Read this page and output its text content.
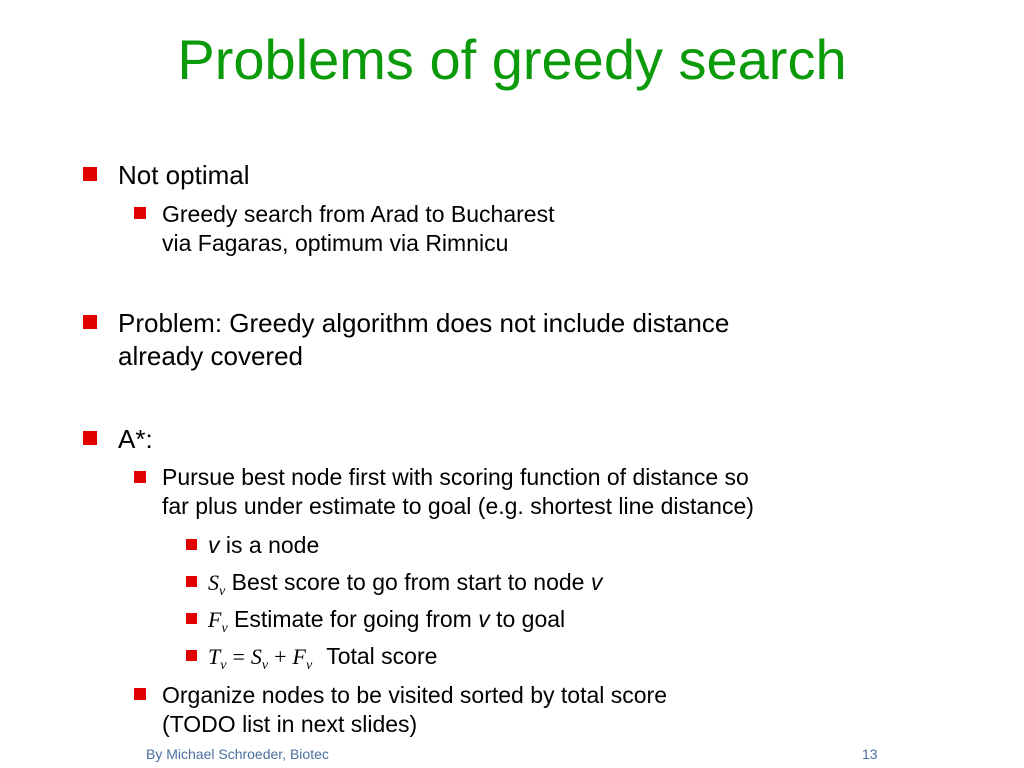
Problems of greedy search
Not optimal
Greedy search from Arad to Bucharest
via Fagaras, optimum via Rimnicu
Problem: Greedy algorithm does not include distance
already covered
A*:
Pursue best node first with scoring function of distance so
far plus under estimate to goal (e.g. shortest line distance)
v is a node
$S_v$ Best score to go from start to node v
$F_v$ Estimate for going from v to goal
$T_v = S_v + F_v$ Total score
Organize nodes to be visited sorted by total score
(TODO list in next slides)
By Michael Schroeder, Biotec	13
